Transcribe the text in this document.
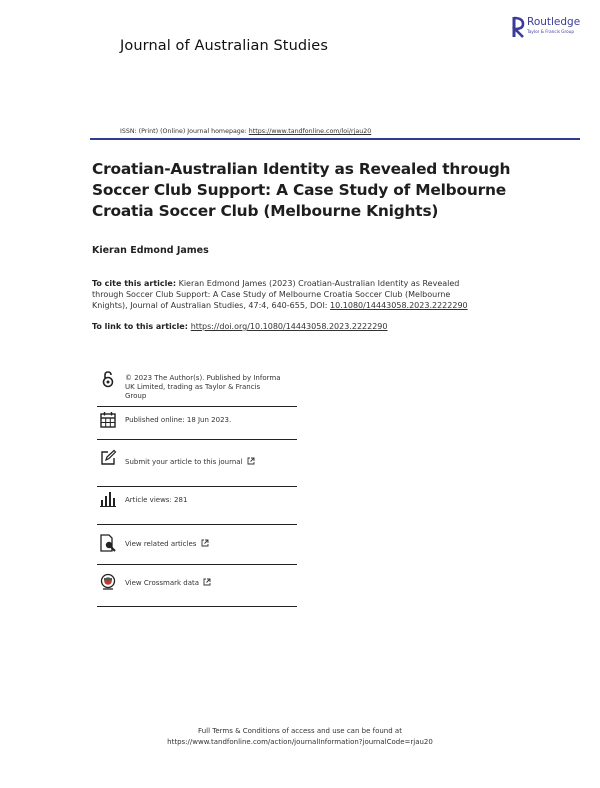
Journal of Australian Studies
Routledge
Taylor & Francis Group
ISSN: (Print) (Online) Journal homepage: https://www.tandfonline.com/loi/rjau20
Croatian-Australian Identity as Revealed through
Soccer Club Support: A Case Study of Melbourne
Croatia Soccer Club (Melbourne Knights)
Kieran Edmond James
To cite this article: Kieran Edmond James (2023) Croatian-Australian Identity as Revealed
through Soccer Club Support: A Case Study of Melbourne Croatia Soccer Club (Melbourne
Knights), Journal of Australian Studies, 47:4, 640-655, DOI: 10.1080/14443058.2023.2222290
To link to this article: https://doi.org/10.1080/14443058.2023.2222290
© 2023 The Author(s). Published by Informa
UK Limited, trading as Taylor & Francis
Group
Published online: 18 Jun 2023.
Submit your article to this journal
Article views: 281
View related articles
View Crossmark data
Full Terms & Conditions of access and use can be found at
https://www.tandfonline.com/action/journalInformation?journalCode=rjau20
